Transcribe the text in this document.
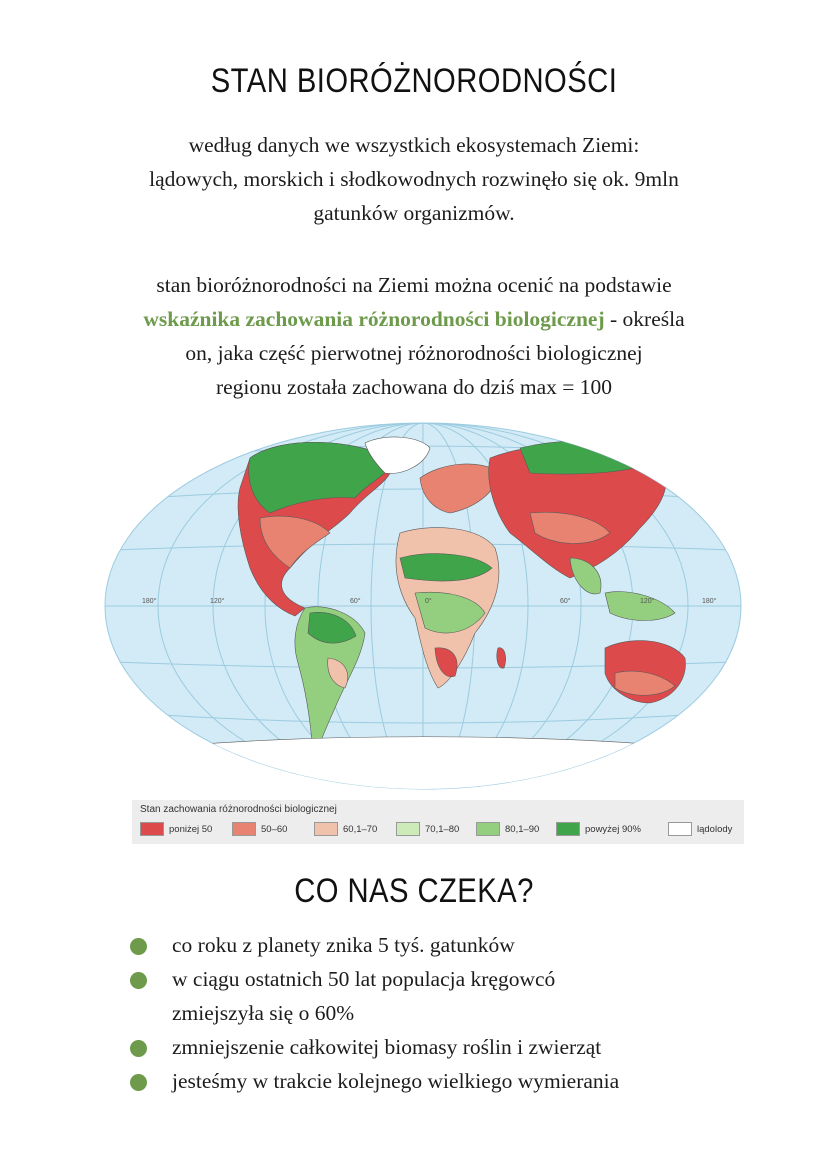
STAN BIORÓŻNORODNOŚCI
według danych we wszystkich ekosystemach Ziemi:
lądowych, morskich i słodkowodnych rozwinęło się ok. 9mln
gatunków organizmów.
stan bioróżnorodności na Ziemi można ocenić na podstawie
wskaźnika zachowania różnorodności biologicznej - określa
on, jaka część pierwotnej różnorodności biologicznej
regionu została zachowana do dziś max = 100
180°	120°	60°	0°	60°	120°	180°
Stan zachowania różnorodności biologicznej
poniżej 50	50–60	60,1–70	70,1–80	80,1–90	powyżej 90%	lądolody
CO NAS CZEKA?
co roku z planety znika 5 tyś. gatunków
w ciągu ostatnich 50 lat populacja kręgowcó
zmiejszyła się o 60%
zmniejszenie całkowitej biomasy roślin i zwierząt
jesteśmy w trakcie kolejnego wielkiego wymierania
